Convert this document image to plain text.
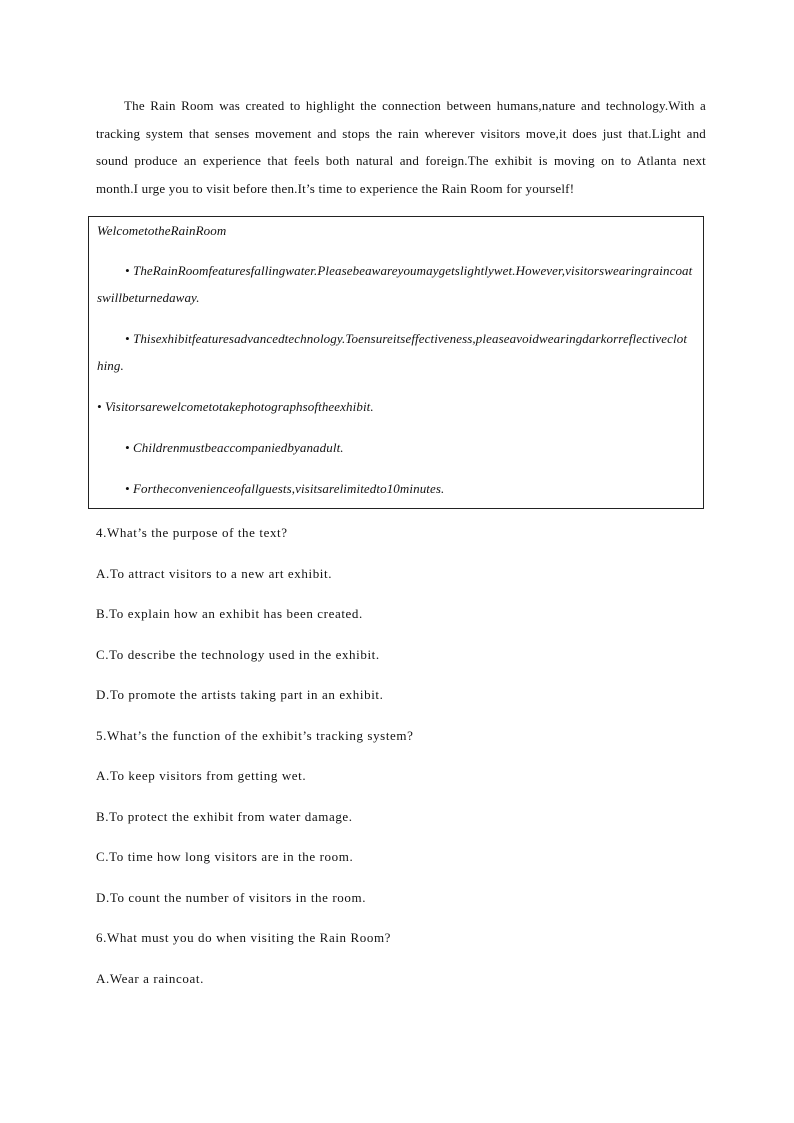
The Rain Room was created to highlight the connection between humans,nature and technology.With a tracking system that senses movement and stops the rain wherever visitors move,it does just that.Light and sound produce an experience that feels both natural and foreign.The exhibit is moving on to Atlanta next month.I urge you to visit before then.It’s time to experience the Rain Room for yourself!

WelcometotheRainRoom
• TheRainRoomfeaturesfallingwater.Pleasebeawareyoumaygetslightlywet.However,visitorswearingraincoatswillbeturnedaway.
• Thisexhibitfeaturesadvancedtechnology.Toensureitseffectiveness,pleaseavoidwearingdarkorreflectiveclothing.
• Visitorsarewelcometotakephotographsoftheexhibit.
• Childrenmustbeaccompaniedbyanadult.
• Fortheconvenienceofallguests,visitsarelimitedto10minutes.

4.What’s the purpose of the text?

A.To attract visitors to a new art exhibit.

B.To explain how an exhibit has been created.

C.To describe the technology used in the exhibit.

D.To promote the artists taking part in an exhibit.

5.What’s the function of the exhibit’s tracking system?

A.To keep visitors from getting wet.

B.To protect the exhibit from water damage.

C.To time how long visitors are in the room.

D.To count the number of visitors in the room.

6.What must you do when visiting the Rain Room?

A.Wear a raincoat.
